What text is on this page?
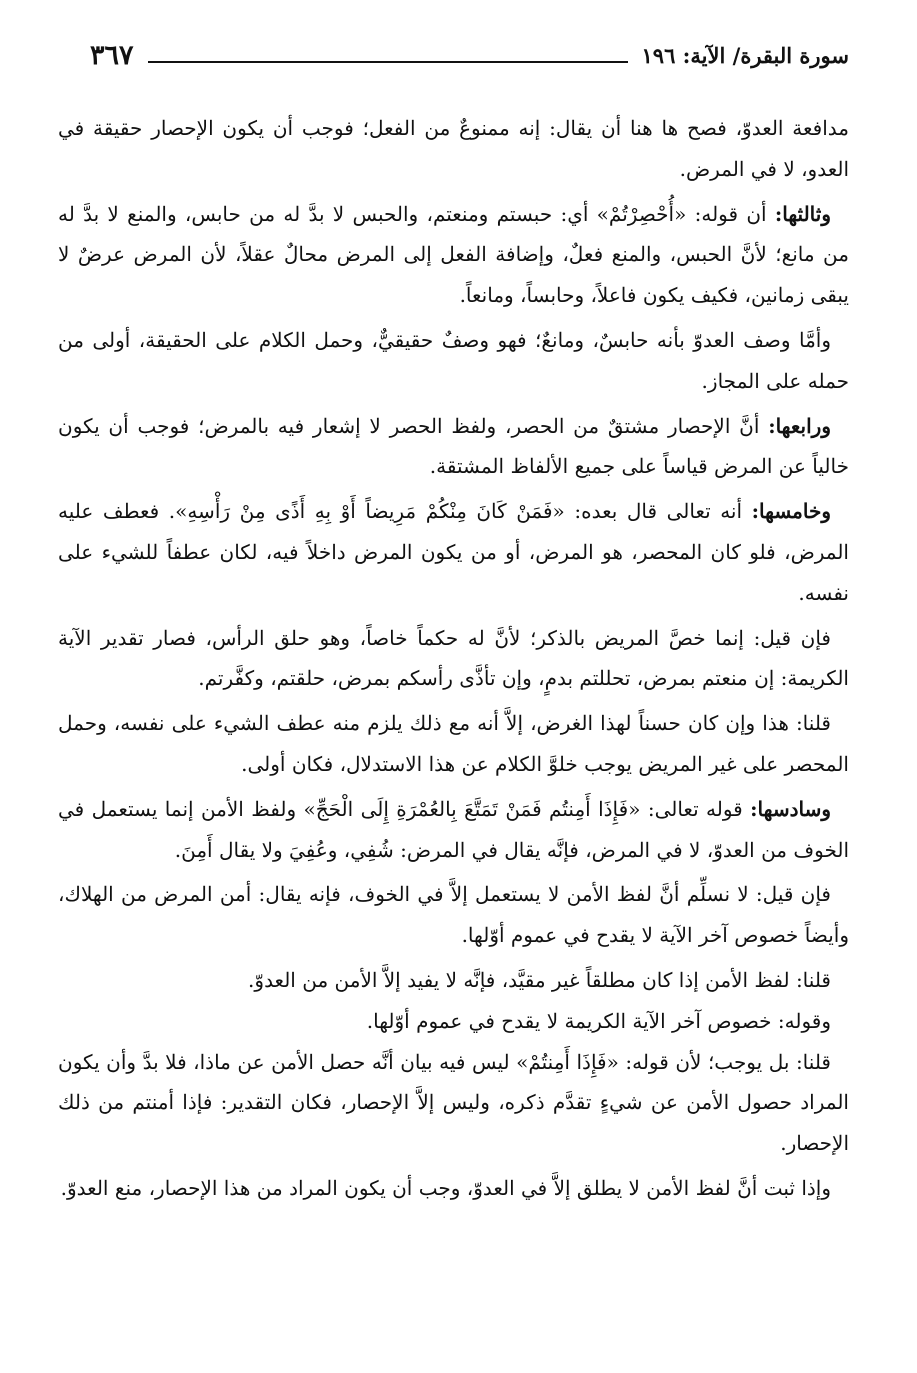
٣٦٧	سورة البقرة/ الآية: ١٩٦

مدافعة العدوّ، فصح ها هنا أن يقال: إنه ممنوعٌ من الفعل؛ فوجب أن يكون الإحصار حقيقة في العدو، لا في المرض.

وثالثها: أن قوله: «أُحْصِرْتُمْ» أي: حبستم ومنعتم، والحبس لا بدَّ له من حابس، والمنع لا بدَّ له من مانع؛ لأنَّ الحبس، والمنع فعلٌ، وإضافة الفعل إلى المرض محالٌ عقلاً، لأن المرض عرضٌ لا يبقى زمانين، فكيف يكون فاعلاً، وحابساً، ومانعاً.

وأمَّا وصف العدوّ بأنه حابسٌ، ومانعٌ؛ فهو وصفٌ حقيقيٌّ، وحمل الكلام على الحقيقة، أولى من حمله على المجاز.

ورابعها: أنَّ الإحصار مشتقٌ من الحصر، ولفظ الحصر لا إشعار فيه بالمرض؛ فوجب أن يكون خالياً عن المرض قياساً على جميع الألفاظ المشتقة.

وخامسها: أنه تعالى قال بعده: «فَمَنْ كَانَ مِنْكُمْ مَرِيضاً أَوْ بِهِ أَذًى مِنْ رَأْسِهِ». فعطف عليه المرض، فلو كان المحصر، هو المرض، أو من يكون المرض داخلاً فيه، لكان عطفاً للشيء على نفسه.

فإن قيل: إنما خصَّ المريض بالذكر؛ لأنَّ له حكماً خاصاً، وهو حلق الرأس، فصار تقدير الآية الكريمة: إن منعتم بمرض، تحللتم بدمٍ، وإن تأذَّى رأسكم بمرض، حلقتم، وكفَّرتم.

قلنا: هذا وإن كان حسناً لهذا الغرض، إلاَّ أنه مع ذلك يلزم منه عطف الشيء على نفسه، وحمل المحصر على غير المريض يوجب خلوَّ الكلام عن هذا الاستدلال، فكان أولى.

وسادسها: قوله تعالى: «فَإِذَا أَمِنتُم فَمَنْ تَمَتَّعَ بِالعُمْرَةِ إِلَى الْحَجِّ» ولفظ الأمن إنما يستعمل في الخوف من العدوّ، لا في المرض، فإنَّه يقال في المرض: شُفِي، وعُفِيَ ولا يقال أَمِنَ.

فإن قيل: لا نسلِّم أنَّ لفظ الأمن لا يستعمل إلاَّ في الخوف، فإنه يقال: أمن المرض من الهلاك، وأيضاً خصوص آخر الآية لا يقدح في عموم أوّلها.

قلنا: لفظ الأمن إذا كان مطلقاً غير مقيَّد، فإنَّه لا يفيد إلاَّ الأمن من العدوّ.

وقوله: خصوص آخر الآية الكريمة لا يقدح في عموم أوّلها.

قلنا: بل يوجب؛ لأن قوله: «فَإِذَا أَمِنتُمْ» ليس فيه بيان أنَّه حصل الأمن عن ماذا، فلا بدَّ وأن يكون المراد حصول الأمن عن شيءٍ تقدَّم ذكره، وليس إلاَّ الإحصار، فكان التقدير: فإذا أمنتم من ذلك الإحصار.

وإذا ثبت أنَّ لفظ الأمن لا يطلق إلاَّ في العدوّ، وجب أن يكون المراد من هذا الإحصار، منع العدوّ.
